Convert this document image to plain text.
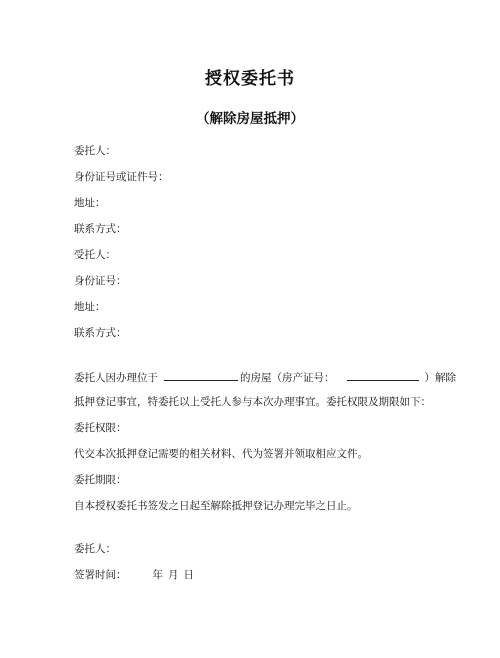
授权委托书
（解除房屋抵押）
委托人：
身份证号或证件号：
地址：
联系方式：
受托人：
身份证号：
地址：
联系方式：
委托人因办理位于	的房屋（房产证号：	）解除
抵押登记事宜，特委托以上受托人参与本次办理事宜。委托权限及期限如下：
委托权限：
代交本次抵押登记需要的相关材料、代为签署并领取相应文件。
委托期限：
自本授权委托书签发之日起至解除抵押登记办理完毕之日止。
委托人：
签署时间： 年 月 日
